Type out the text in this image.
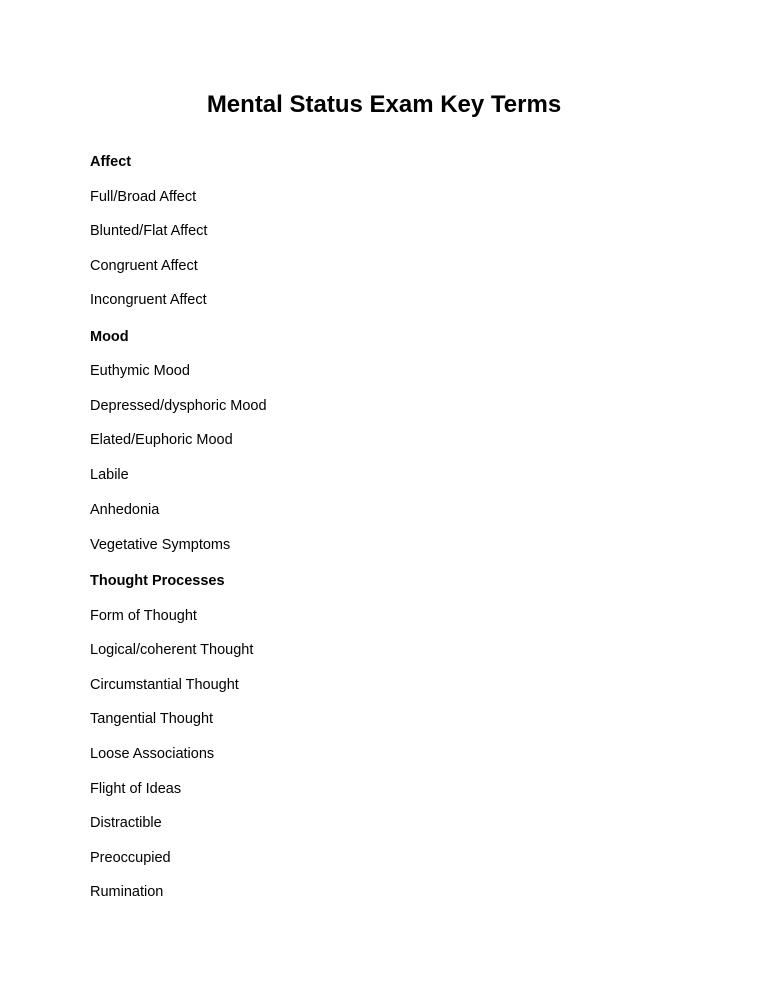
Mental Status Exam Key Terms

Affect

Full/Broad Affect

Blunted/Flat Affect

Congruent Affect

Incongruent Affect

Mood

Euthymic Mood

Depressed/dysphoric Mood

Elated/Euphoric Mood

Labile

Anhedonia

Vegetative Symptoms

Thought Processes

Form of Thought

Logical/coherent Thought

Circumstantial Thought

Tangential Thought

Loose Associations

Flight of Ideas

Distractible

Preoccupied

Rumination
